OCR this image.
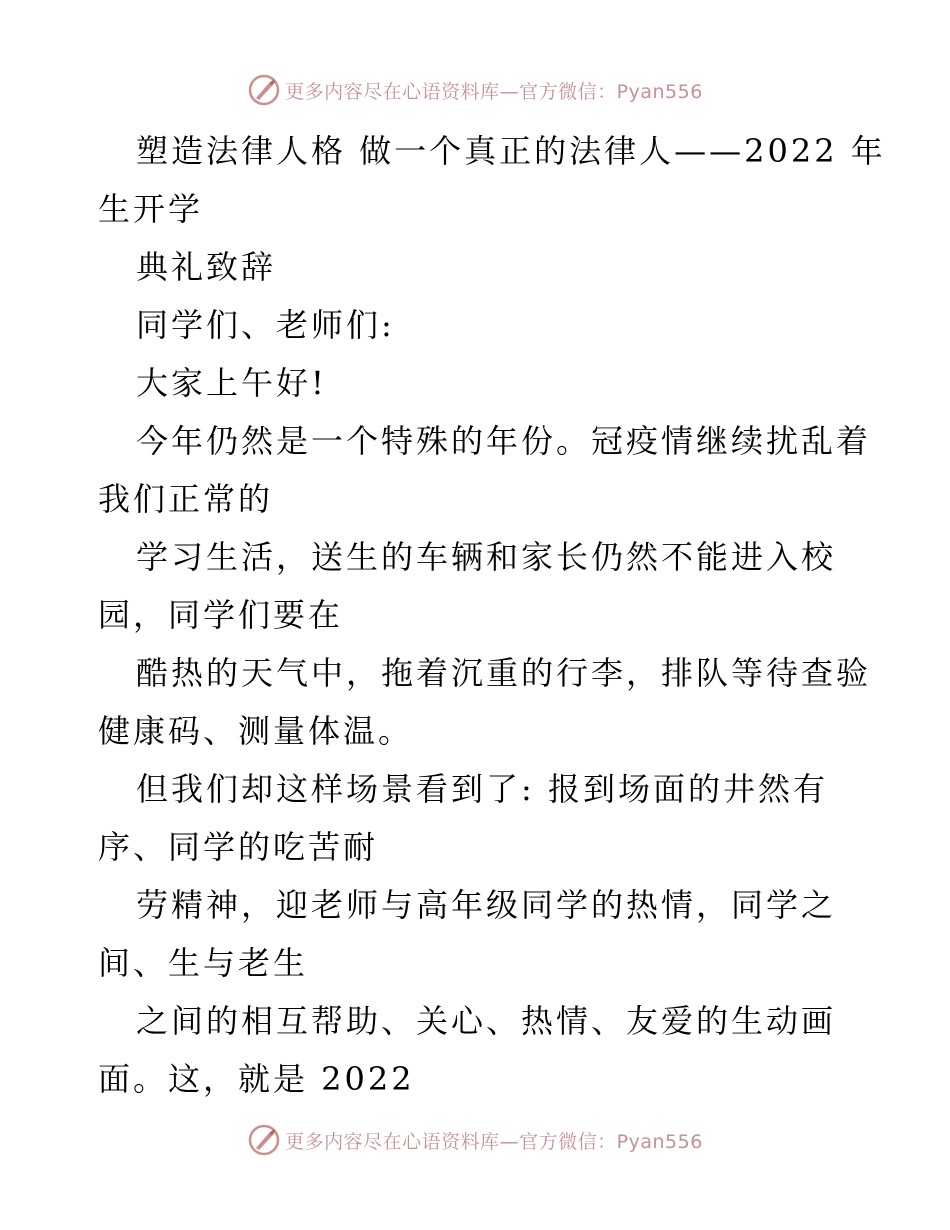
更多内容尽在心语资料库—官方微信：Pyan556

塑造法律人格 做一个真正的法律人——2022 年

生开学

典礼致辞

同学们、老师们:

大家上午好!

今年仍然是一个特殊的年份。冠疫情继续扰乱着

我们正常的

学习生活，送生的车辆和家长仍然不能进入校

园，同学们要在

酷热的天气中，拖着沉重的行李，排队等待查验

健康码、测量体温。

但我们却这样场景看到了: 报到场面的井然有

序、同学的吃苦耐

劳精神，迎老师与高年级同学的热情，同学之

间、生与老生

之间的相互帮助、关心、热情、友爱的生动画

面。这，就是 2022

更多内容尽在心语资料库—官方微信：Pyan556
